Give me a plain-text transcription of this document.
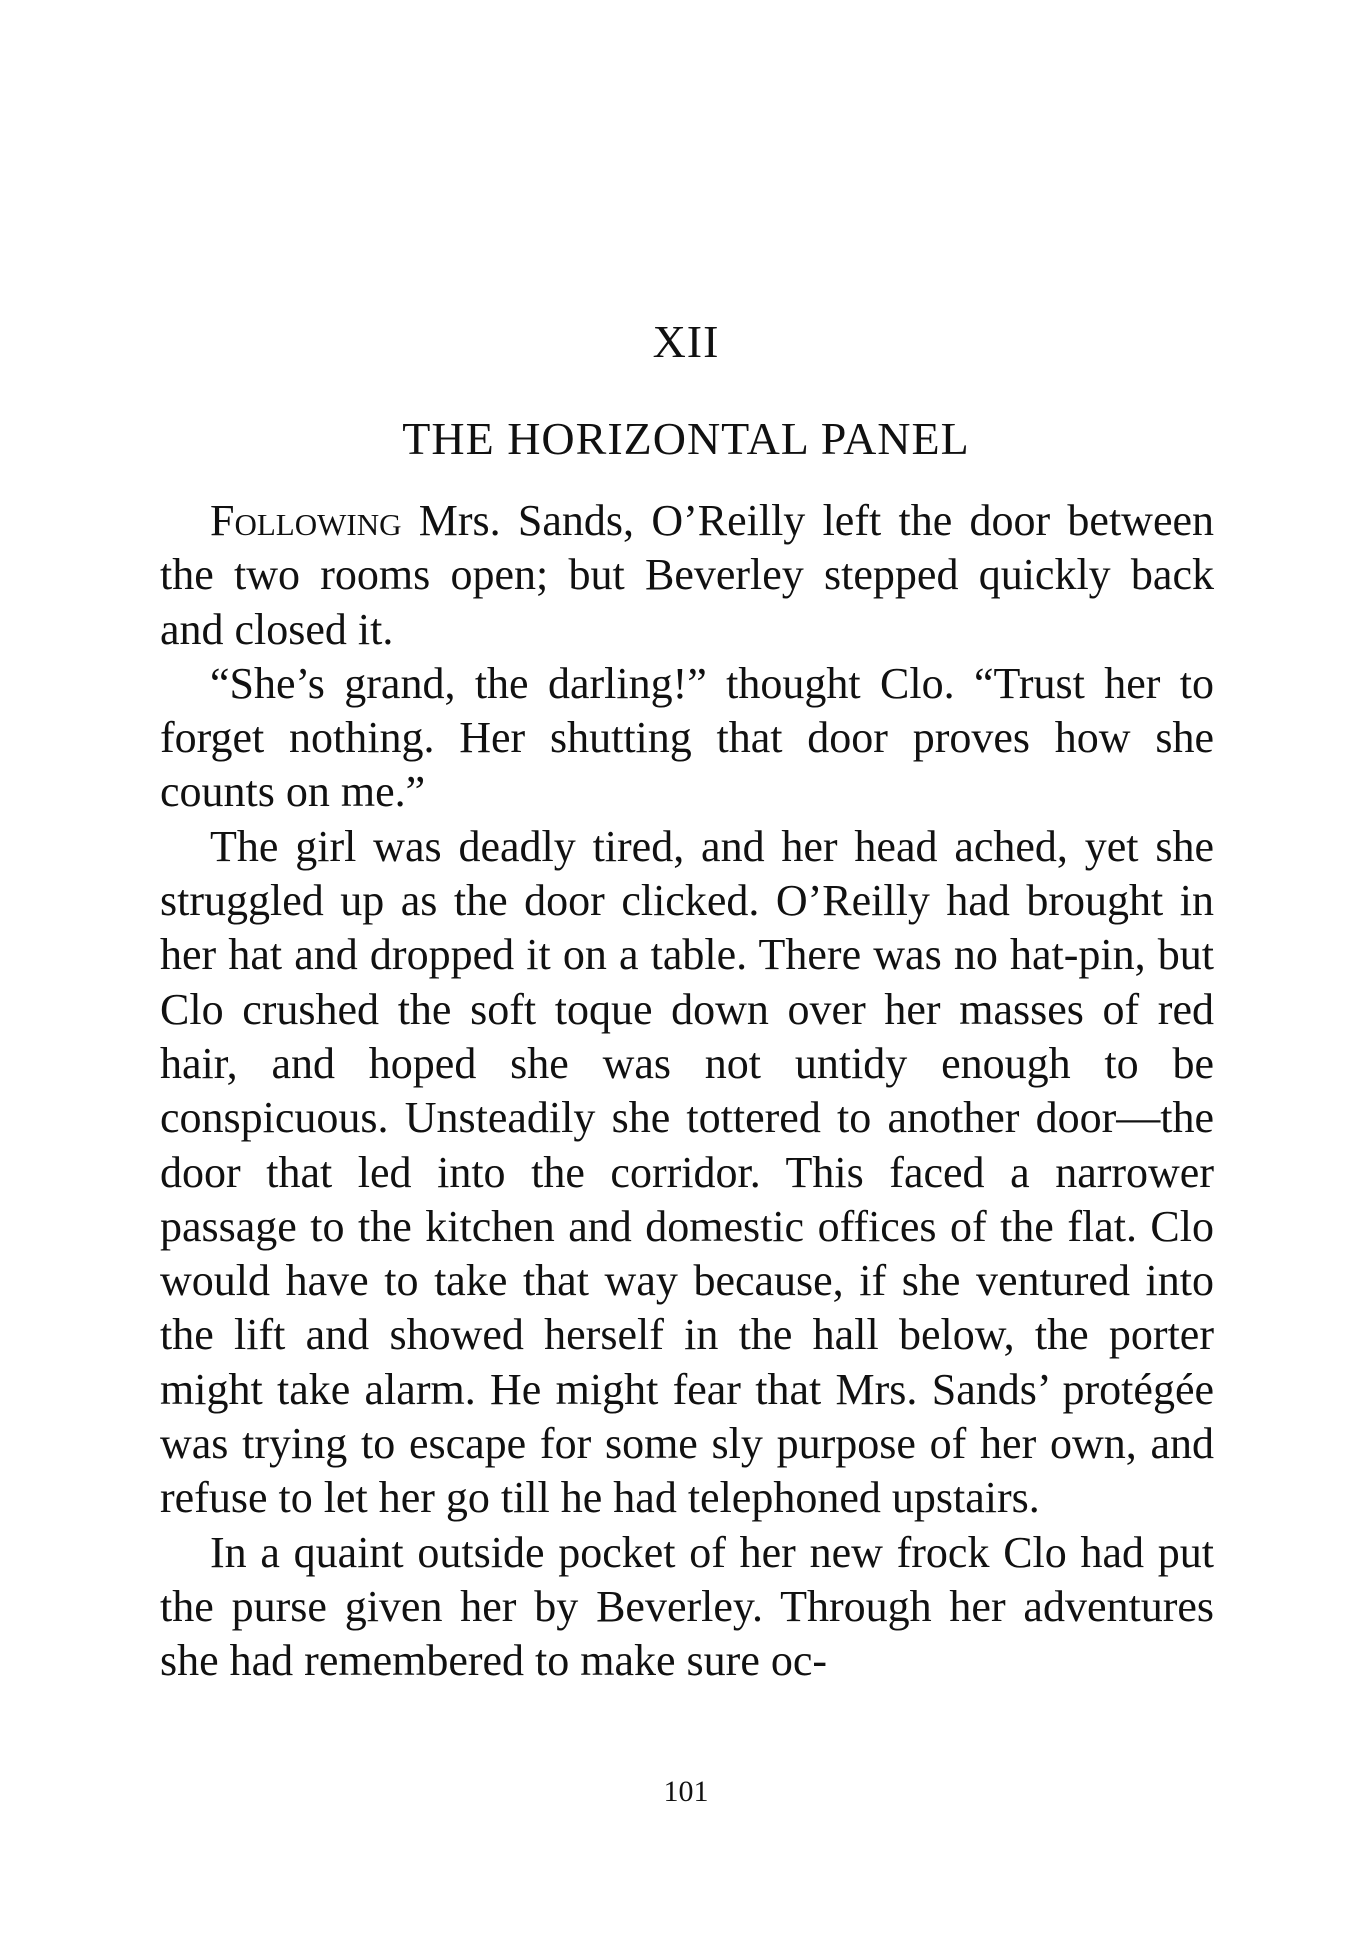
XII
THE HORIZONTAL PANEL

Following Mrs. Sands, O’Reilly left the door between the two rooms open; but Beverley stepped quickly back and closed it.

“She’s grand, the darling!” thought Clo. “Trust her to forget nothing. Her shutting that door proves how she counts on me.”

The girl was deadly tired, and her head ached, yet she struggled up as the door clicked. O’Reilly had brought in her hat and dropped it on a table. There was no hat-pin, but Clo crushed the soft toque down over her masses of red hair, and hoped she was not untidy enough to be conspicuous. Unsteadily she tottered to another door—the door that led into the corridor. This faced a narrower passage to the kitchen and domestic offices of the flat. Clo would have to take that way because, if she ventured into the lift and showed herself in the hall below, the porter might take alarm. He might fear that Mrs. Sands’ protégée was trying to escape for some sly purpose of her own, and refuse to let her go till he had telephoned upstairs.

In a quaint outside pocket of her new frock Clo had put the purse given her by Beverley. Through her adventures she had remembered to make sure oc-

101
